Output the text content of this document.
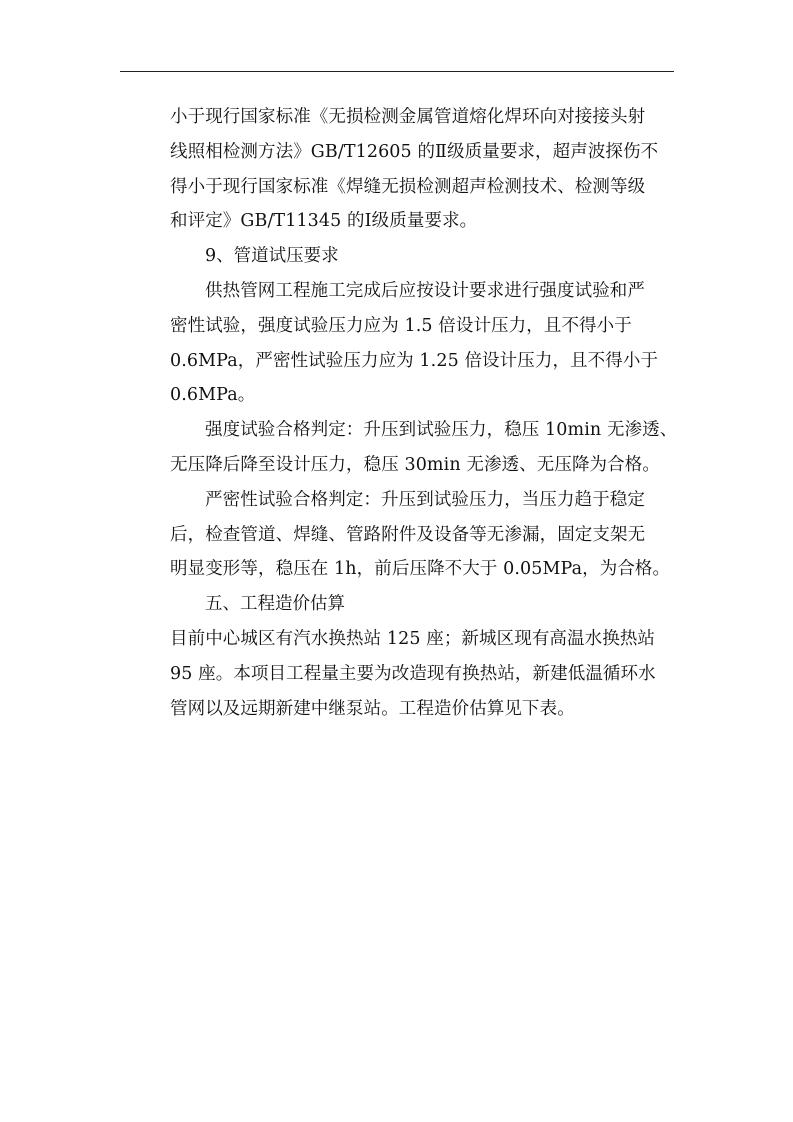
小于现行国家标准《无损检测金属管道熔化焊环向对接接头射
线照相检测方法》GB/T12605 的Ⅱ级质量要求，超声波探伤不
得小于现行国家标准《焊缝无损检测超声检测技术、检测等级
和评定》GB/T11345 的Ⅰ级质量要求。

9、管道试压要求

供热管网工程施工完成后应按设计要求进行强度试验和严
密性试验，强度试验压力应为 1.5 倍设计压力，且不得小于
0.6MPa，严密性试验压力应为 1.25 倍设计压力，且不得小于
0.6MPa。

强度试验合格判定：升压到试验压力，稳压 10min 无渗透、
无压降后降至设计压力，稳压 30min 无渗透、无压降为合格。

严密性试验合格判定：升压到试验压力，当压力趋于稳定
后，检查管道、焊缝、管路附件及设备等无渗漏，固定支架无
明显变形等，稳压在 1h，前后压降不大于 0.05MPa，为合格。

五、工程造价估算

目前中心城区有汽水换热站 125 座；新城区现有高温水换热站
95 座。本项目工程量主要为改造现有换热站，新建低温循环水
管网以及远期新建中继泵站。工程造价估算见下表。
